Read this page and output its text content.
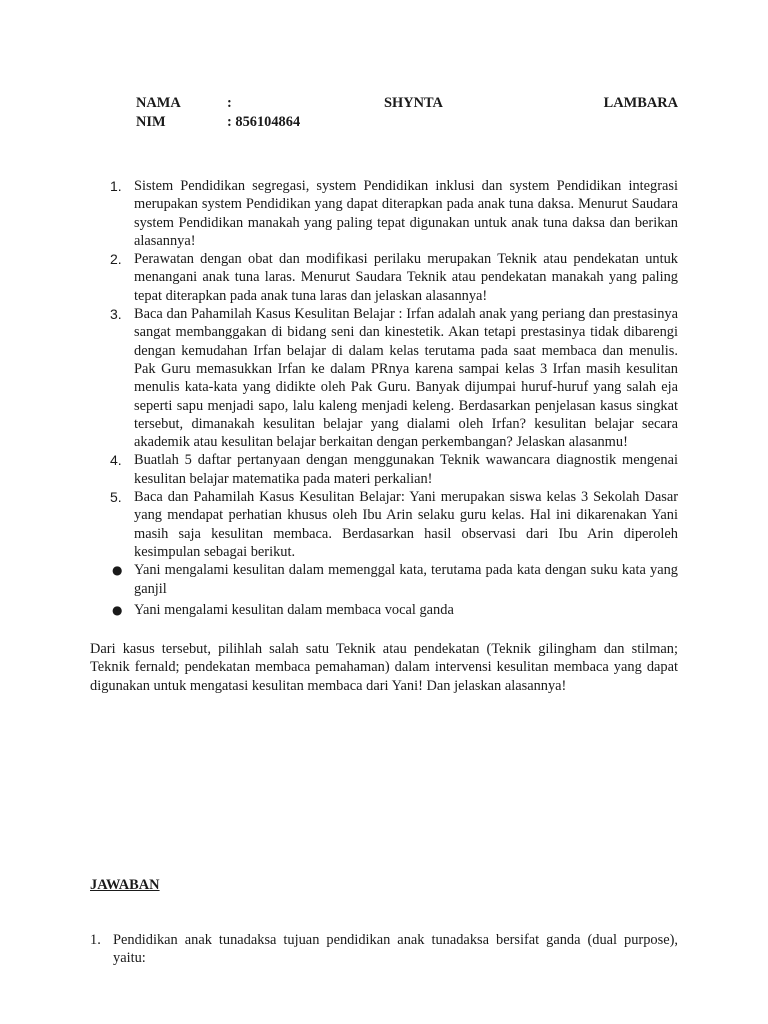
NAMA	:	SHYNTA	LAMBARA
NIM	: 856104864
1. Sistem Pendidikan segregasi, system Pendidikan inklusi dan system Pendidikan integrasi merupakan system Pendidikan yang dapat diterapkan pada anak tuna daksa. Menurut Saudara system Pendidikan manakah yang paling tepat digunakan untuk anak tuna daksa dan berikan alasannya!
2. Perawatan dengan obat dan modifikasi perilaku merupakan Teknik atau pendekatan untuk menangani anak tuna laras. Menurut Saudara Teknik atau pendekatan manakah yang paling tepat diterapkan pada anak tuna laras dan jelaskan alasannya!
3. Baca dan Pahamilah Kasus Kesulitan Belajar : Irfan adalah anak yang periang dan prestasinya sangat membanggakan di bidang seni dan kinestetik. Akan tetapi prestasinya tidak dibarengi dengan kemudahan Irfan belajar di dalam kelas terutama pada saat membaca dan menulis. Pak Guru memasukkan Irfan ke dalam PRnya karena sampai kelas 3 Irfan masih kesulitan menulis kata-kata yang didikte oleh Pak Guru. Banyak dijumpai huruf-huruf yang salah eja seperti sapu menjadi sapo, lalu kaleng menjadi keleng. Berdasarkan penjelasan kasus singkat tersebut, dimanakah kesulitan belajar yang dialami oleh Irfan? kesulitan belajar secara akademik atau kesulitan belajar berkaitan dengan perkembangan? Jelaskan alasanmu!
4. Buatlah 5 daftar pertanyaan dengan menggunakan Teknik wawancara diagnostik mengenai kesulitan belajar matematika pada materi perkalian!
5. Baca dan Pahamilah Kasus Kesulitan Belajar: Yani merupakan siswa kelas 3 Sekolah Dasar yang mendapat perhatian khusus oleh Ibu Arin selaku guru kelas. Hal ini dikarenakan Yani masih saja kesulitan membaca. Berdasarkan hasil observasi dari Ibu Arin diperoleh kesimpulan sebagai berikut.
● Yani mengalami kesulitan dalam memenggal kata, terutama pada kata dengan suku kata yang ganjil
● Yani mengalami kesulitan dalam membaca vocal ganda

Dari kasus tersebut, pilihlah salah satu Teknik atau pendekatan (Teknik gilingham dan stilman; Teknik fernald; pendekatan membaca pemahaman) dalam intervensi kesulitan membaca yang dapat digunakan untuk mengatasi kesulitan membaca dari Yani! Dan jelaskan alasannya!

JAWABAN

1. Pendidikan anak tunadaksa tujuan pendidikan anak tunadaksa bersifat ganda (dual purpose), yaitu:
